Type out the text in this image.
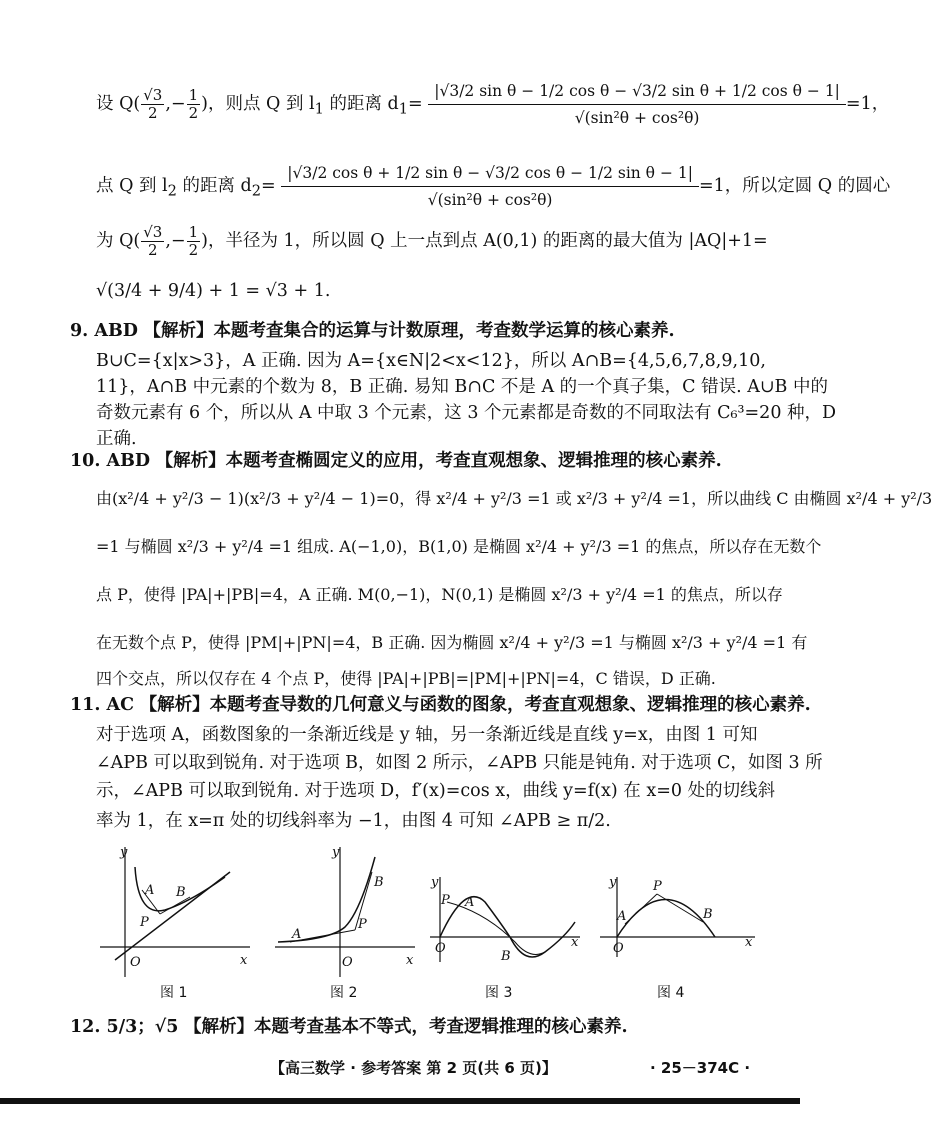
设 $Q( \frac{√3}{2}$ ,− $\frac{1}{2}$ )，则点 Q 到 $l_1$ 的距离 $d_1= \frac{\text{|√3/2 sin θ − 1/2 cos θ − √3/2 sin θ + 1/2 cos θ − 1|}}{\text{√(sin²θ + cos²θ)}} =1$，
点 Q 到 $l_2$ 的距离 $d_2= \frac{\text{|√3/2 cos θ + 1/2 sin θ − √3/2 cos θ − 1/2 sin θ − 1|}}{\text{√(sin²θ + cos²θ)}} =1$，所以定圆 Q 的圆心
为 $Q( \frac{√3}{2}$ ,− $\frac{1}{2}$ )，半径为 1，所以圆 Q 上一点到点 A(0,1) 的距离的最大值为 |AQ|+1=
√(3/4 + 9/4) + 1 = √3 + 1.
9. ABD 【解析】本题考查集合的运算与计数原理，考查数学运算的核心素养.
B∪C={x|x>3}，A 正确. 因为 A={x∈N|2<x<12}，所以 A∩B={4,5,6,7,8,9,10,
11}，A∩B 中元素的个数为 8，B 正确. 易知 B∩C 不是 A 的一个真子集，C 错误. A∪B 中的
奇数元素有 6 个，所以从 A 中取 3 个元素，这 3 个元素都是奇数的不同取法有 C₆³=20 种，D
正确.
10. ABD 【解析】本题考查椭圆定义的应用，考查直观想象、逻辑推理的核心素养.
由(x²/4 + y²/3 − 1)(x²/3 + y²/4 − 1)=0，得 x²/4 + y²/3 =1 或 x²/3 + y²/4 =1，所以曲线 C 由椭圆 x²/4 + y²/3
=1 与椭圆 x²/3 + y²/4 =1 组成. A(−1,0)，B(1,0) 是椭圆 x²/4 + y²/3 =1 的焦点，所以存在无数个
点 P，使得 |PA|+|PB|=4，A 正确. M(0,−1)，N(0,1) 是椭圆 x²/3 + y²/4 =1 的焦点，所以存
在无数个点 P，使得 |PM|+|PN|=4，B 正确. 因为椭圆 x²/4 + y²/3 =1 与椭圆 x²/3 + y²/4 =1 有
四个交点，所以仅存在 4 个点 P，使得 |PA|+|PB|=|PM|+|PN|=4，C 错误，D 正确.
11. AC 【解析】本题考查导数的几何意义与函数的图象，考查直观想象、逻辑推理的核心素养.
对于选项 A，函数图象的一条渐近线是 y 轴，另一条渐近线是直线 y=x，由图 1 可知
∠APB 可以取到锐角. 对于选项 B，如图 2 所示，∠APB 只能是钝角. 对于选项 C，如图 3 所
示，∠APB 可以取到锐角. 对于选项 D，f′(x)=cos x，曲线 y=f(x) 在 x=0 处的切线斜
率为 1，在 x=π 处的切线斜率为 −1，由图 4 可知 ∠APB ≥ π/2.
y
x
O
A B
P
图 1
y
x
O
A
B
P
图 2
y
x
O
A
B
P
图 3
y
x
O
A	B
P
图 4
12. 5/3；√5 【解析】本题考查基本不等式，考查逻辑推理的核心素养.
【高三数学 · 参考答案 第 2 页(共 6 页)】	· 25－374C ·
